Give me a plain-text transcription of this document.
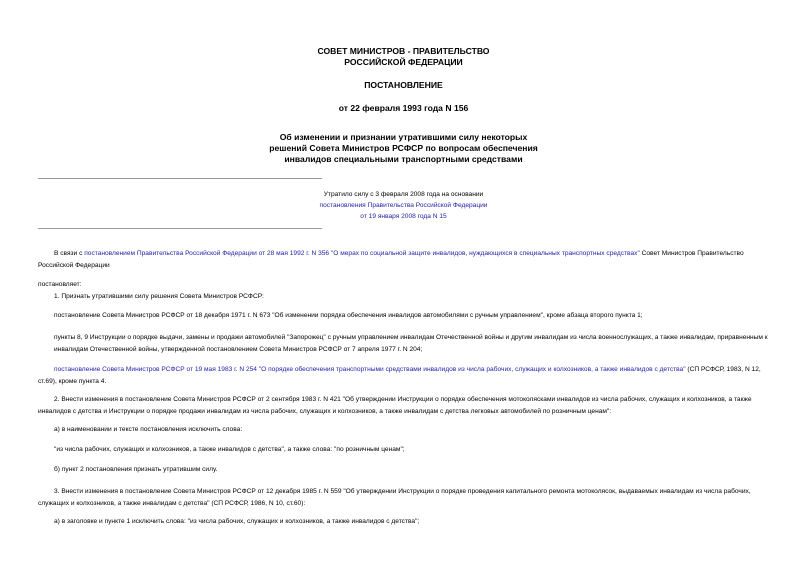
СОВЕТ МИНИСТРОВ - ПРАВИТЕЛЬСТВО
РОССИЙСКОЙ ФЕДЕРАЦИИ
ПОСТАНОВЛЕНИЕ
от 22 февраля 1993 года N 156
Об изменении и признании утратившими силу некоторых
решений Совета Министров РСФСР по вопросам обеспечения
инвалидов специальными транспортными средствами
Утратило силу с 3 февраля 2008 года на основании
постановления Правительства Российской Федерации
от 19 января 2008 года N 15
В связи с постановлением Правительства Российской Федерации от 28 мая 1992 г. N 356 "О мерах по социальной защите инвалидов, нуждающихся в специальных транспортных средствах" Совет Министров Правительство Российской Федерации
постановляет:
1. Признать утратившими силу решения Совета Министров РСФСР:
постановление Совета Министров РСФСР от 18 декабря 1971 г. N 673 "Об изменении порядка обеспечения инвалидов автомобилями с ручным управлением", кроме абзаца второго пункта 1;
пункты 8, 9 Инструкции о порядке выдачи, замены и продажи автомобилей "Запорожец" с ручным управлением инвалидам Отечественной войны и другим инвалидам из числа военнослужащих, а также инвалидам, приравненным к инвалидам Отечественной войны, утвержденной постановлением Совета Министров РСФСР от 7 апреля 1977 г. N 204;
постановление Совета Министров РСФСР от 19 мая 1983 г. N 254 "О порядке обеспечения транспортными средствами инвалидов из числа рабочих, служащих и колхозников, а также инвалидов с детства" (СП РСФСР, 1983, N 12, ст.69), кроме пункта 4.
2. Внести изменения в постановление Совета Министров РСФСР от 2 сентября 1983 г. N 421 "Об утверждении Инструкции о порядке обеспечения мотоколясками инвалидов из числа рабочих, служащих и колхозников, а также инвалидов с детства и Инструкции о порядке продажи инвалидам из числа рабочих, служащих и колхозников, а также инвалидам с детства легковых автомобилей по розничным ценам":
а) в наименовании и тексте постановления исключить слова:
"из числа рабочих, служащих и колхозников, а также инвалидов с детства", а также слова: "по розничным ценам";
б) пункт 2 постановления признать утратившим силу.
3. Внести изменения в постановление Совета Министров РСФСР от 12 декабря 1985 г. N 559 "Об утверждении Инструкции о порядке проведения капитального ремонта мотоколясок, выдаваемых инвалидам из числа рабочих, служащих и колхозников, а также инвалидам с детства" (СП РСФСР, 1986, N 10, ст.60):
а) в заголовке и пункте 1 исключить слова: "из числа рабочих, служащих и колхозников, а также инвалидов с детства";
